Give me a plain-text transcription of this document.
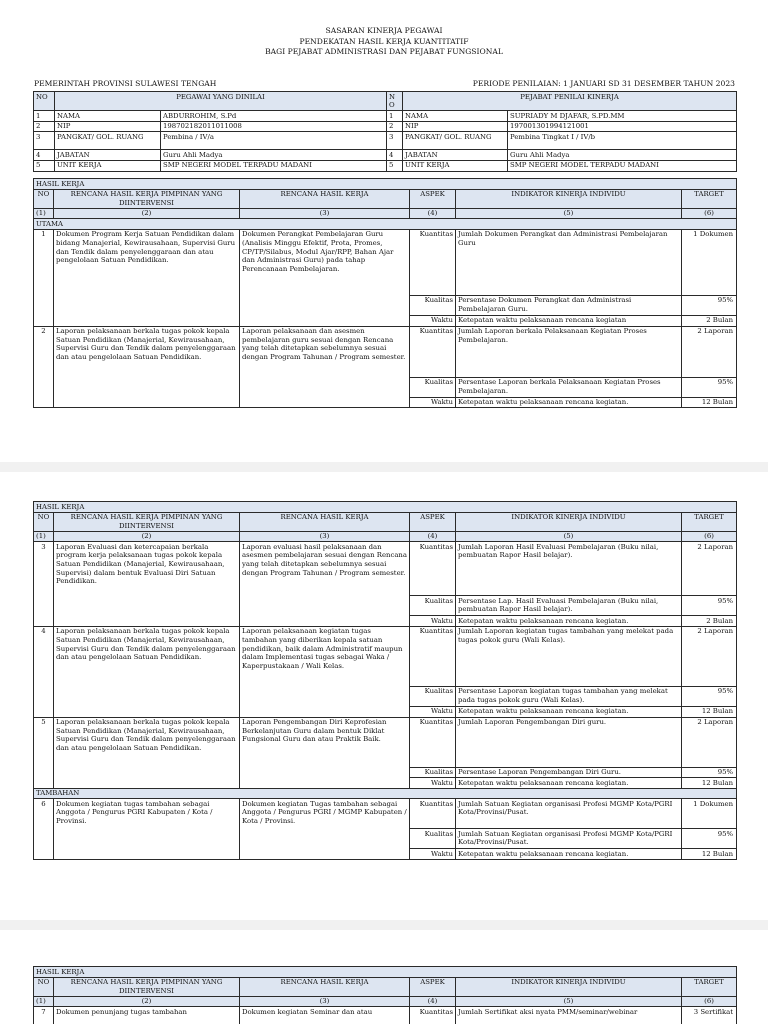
SASARAN KINERJA PEGAWAI
PENDEKATAN HASIL KERJA KUANTITATIF
BAGI PEJABAT ADMINISTRASI DAN PEJABAT FUNGSIONAL
PEMERINTAH PROVINSI SULAWESI TENGAH	PERIODE PENILAIAN: 1 JANUARI SD 31 DESEMBER TAHUN 2023
NO	PEGAWAI YANG DINILAI		NO	PEJABAT PENILAI KINERJA	
1	NAMA	ABDURROHIM, S.Pd	1	NAMA	SUPRIADY M DJAFAR, S.PD.MM
2	NIP	198702182011011008	2	NIP	197001301994121001
3	PANGKAT/ GOL. RUANG	Pembina / IV/a	3	PANGKAT/ GOL. RUANG	Pembina Tingkat I / IV/b
4	JABATAN	Guru Ahli Madya	4	JABATAN	Guru Ahli Madya
5	UNIT KERJA	SMP NEGERI MODEL TERPADU MADANI	5	UNIT KERJA	SMP NEGERI MODEL TERPADU MADANI
HASIL KERJA					
NO	RENCANA HASIL KERJA PIMPINAN YANG DIINTERVENSI	RENCANA HASIL KERJA	ASPEK	INDIKATOR KINERJA INDIVIDU	TARGET
(1)	(2)	(3)	(4)	(5)	(6)
UTAMA					
1	Dokumen Program Kerja Satuan Pendidikan dalam bidang Manajerial, Kewirausahaan, Supervisi Guru dan Tendik dalam penyelenggaraan dan atau pengelolaan Satuan Pendidikan.	Dokumen Perangkat Pembelajaran Guru (Analisis Minggu Efektif, Prota, Promes, CP/TP/Silabus, Modul Ajar/RPP, Bahan Ajar dan Administrasi Guru) pada tahap Perencanaan Pembelajaran.	Kuantitas	Jumlah Dokumen Perangkat dan Administrasi Pembelajaran Guru	1 Dokumen
			Kualitas	Persentase Dokumen Perangkat dan Administrasi Pembelajaran Guru.	95%
			Waktu	Ketepatan waktu pelaksanaan rencana kegiatan	2 Bulan
2	Laporan pelaksanaan berkala tugas pokok kepala Satuan Pendidikan (Manajerial, Kewirausahaan, Supervisi Guru dan Tendik dalam penyelenggaraan dan atau pengelolaan Satuan Pendidikan.	Laporan pelaksanaan dan asesmen pembelajaran guru sesuai dengan Rencana yang telah ditetapkan sebelumnya sesuai dengan Program Tahunan / Program semester.	Kuantitas	Jumlah Laporan berkala Pelaksanaan Kegiatan Proses Pembelajaran.	2 Laporan
			Kualitas	Persentase Laporan berkala Pelaksanaan Kegiatan Proses Pembelajaran.	95%
			Waktu	Ketepatan waktu pelaksanaan rencana kegiatan.	12 Bulan
HASIL KERJA					
NO	RENCANA HASIL KERJA PIMPINAN YANG DIINTERVENSI	RENCANA HASIL KERJA	ASPEK	INDIKATOR KINERJA INDIVIDU	TARGET
(1)	(2)	(3)	(4)	(5)	(6)
3	Laporan Evaluasi dan ketercapaian berkala program kerja pelaksanaan tugas pokok kepala Satuan Pendidikan (Manajerial, Kewirausahaan, Supervisi) dalam bentuk Evaluasi Diri Satuan Pendidikan.	Laporan evaluasi hasil pelaksanaan dan asesmen pembelajaran sesuai dengan Rencana yang telah ditetapkan sebelumnya sesuai dengan Program Tahunan / Program semester.	Kuantitas	Jumlah Laporan Hasil Evaluasi Pembelajaran (Buku nilai, pembuatan Rapor Hasil belajar).	2 Laporan
			Kualitas	Persentase Lap. Hasil Evaluasi Pembelajaran (Buku nilai, pembuatan Rapor Hasil belajar).	95%
			Waktu	Ketepatan waktu pelaksanaan rencana kegiatan.	2 Bulan
4	Laporan pelaksanaan berkala tugas pokok kepala Satuan Pendidikan (Manajerial, Kewirausahaan, Supervisi Guru dan Tendik dalam penyelenggaraan dan atau pengelolaan Satuan Pendidikan.	Laporan pelaksanaan kegiatan tugas tambahan yang diberikan kepala satuan pendidikan, baik dalam Administratif maupun dalam Implementasi tugas sebagai Waka / Kaperpustakaan / Wali Kelas.	Kuantitas	Jumlah Laporan kegiatan tugas tambahan yang melekat pada tugas pokok guru (Wali Kelas).	2 Laporan
			Kualitas	Persentase Laporan kegiatan tugas tambahan yang melekat pada tugas pokok guru (Wali Kelas).	95%
			Waktu	Ketepatan waktu pelaksanaan rencana kegiatan.	12 Bulan
5	Laporan pelaksanaan berkala tugas pokok kepala Satuan Pendidikan (Manajerial, Kewirausahaan, Supervisi Guru dan Tendik dalam penyelenggaraan dan atau pengelolaan Satuan Pendidikan.	Laporan Pengembangan Diri Keprofesian Berkelanjutan Guru dalam bentuk Diklat Fungsional Guru dan atau Praktik Baik.	Kuantitas	Jumlah Laporan Pengembangan Diri guru.	2 Laporan
			Kualitas	Persentase Laporan Pengembangan Diri Guru.	95%
			Waktu	Ketepatan waktu pelaksanaan rencana kegiatan.	12 Bulan
TAMBAHAN					
6	Dokumen kegiatan tugas tambahan sebagai Anggota / Pengurus PGRI Kabupaten / Kota / Provinsi.	Dokumen kegiatan Tugas tambahan sebagai Anggota / Pengurus PGRI / MGMP Kabupaten / Kota / Provinsi.	Kuantitas	Jumlah Satuan Kegiatan organisasi Profesi MGMP Kota/PGRI Kota/Provinsi/Pusat.	1 Dokumen
			Kualitas	Jumlah Satuan Kegiatan organisasi Profesi MGMP Kota/PGRI Kota/Provinsi/Pusat.	95%
			Waktu	Ketepatan waktu pelaksanaan rencana kegiatan.	12 Bulan
HASIL KERJA					
NO	RENCANA HASIL KERJA PIMPINAN YANG DIINTERVENSI	RENCANA HASIL KERJA	ASPEK	INDIKATOR KINERJA INDIVIDU	TARGET
(1)	(2)	(3)	(4)	(5)	(6)
7	Dokumen penunjang tugas tambahan	Dokumen kegiatan Seminar dan atau	Kuantitas	Jumlah Sertifikat aksi nyata PMM/seminar/webinar	3 Sertifikat
